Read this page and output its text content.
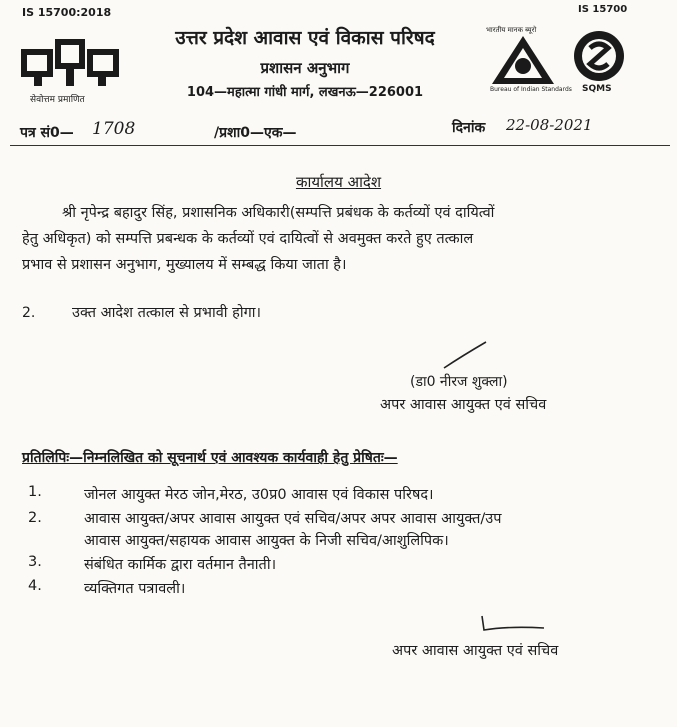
IS 15700:2018
सेवोत्तम प्रमाणित
उत्तर प्रदेश आवास एवं विकास परिषद
प्रशासन अनुभाग
104—महात्मा गांधी मार्ग, लखनऊ—226001
भारतीय मानक ब्यूरो
Bureau of Indian Standards
IS 15700
SQMS
पत्र सं0— 1708	/प्रशा0—एक—	दिनांक 22-08-2021
कार्यालय आदेश
श्री नृपेन्द्र बहादुर सिंह, प्रशासनिक अधिकारी(सम्पत्ति प्रबंधक के कर्तव्यों एवं दायित्वों
हेतु अधिकृत) को सम्पत्ति प्रबन्धक के कर्तव्यों एवं दायित्वों से अवमुक्त करते हुए तत्काल
प्रभाव से प्रशासन अनुभाग, मुख्यालय में सम्बद्ध किया जाता है।
2.	उक्त आदेश तत्काल से प्रभावी होगा।
(डा0 नीरज शुक्ला)
अपर आवास आयुक्त एवं सचिव
प्रतिलिपिः—निम्नलिखित को सूचनार्थ एवं आवश्यक कार्यवाही हेतु प्रेषितः—
1.	जोनल आयुक्त मेरठ जोन,मेरठ, उ0प्र0 आवास एवं विकास परिषद।
2.	आवास आयुक्त/अपर आवास आयुक्त एवं सचिव/अपर अपर आवास आयुक्त/उप
आवास आयुक्त/सहायक आवास आयुक्त के निजी सचिव/आशुलिपिक।
3.	संबंधित कार्मिक द्वारा वर्तमान तैनाती।
4.	व्यक्तिगत पत्रावली।
अपर आवास आयुक्त एवं सचिव
